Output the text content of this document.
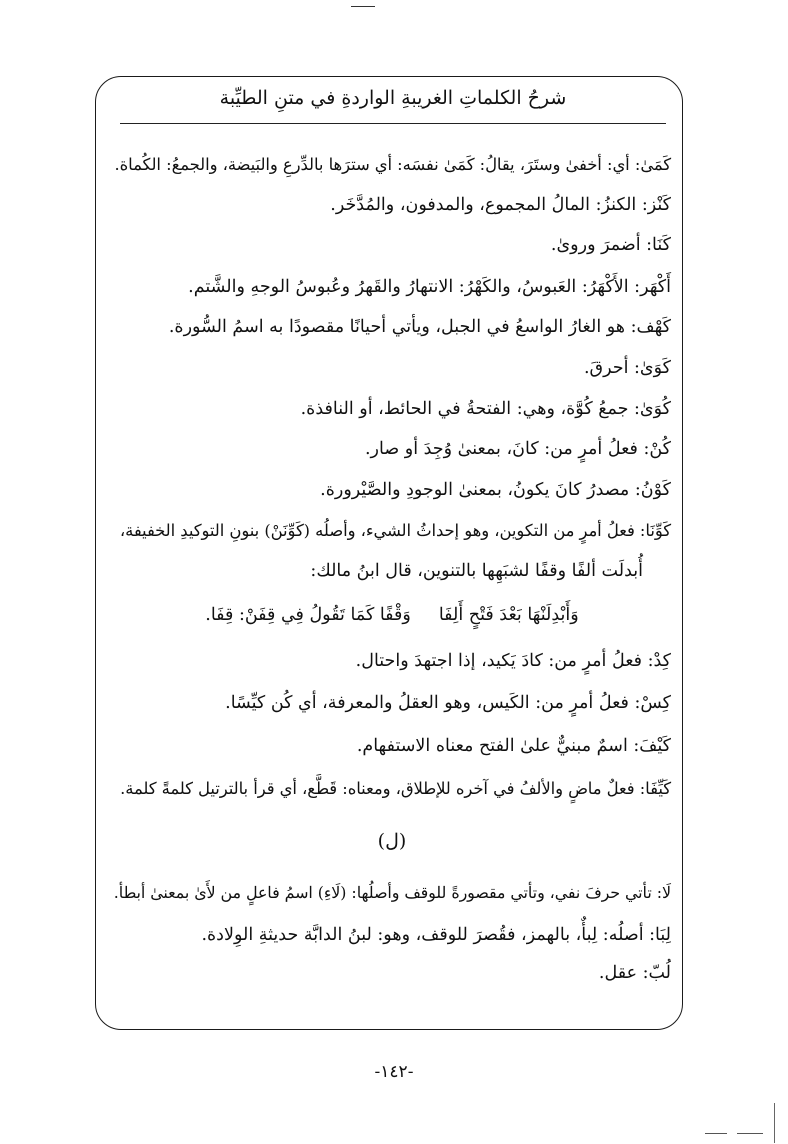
شرحُ الكلماتِ الغريبةِ الواردةِ في متنِ الطيِّبة
كَمَىٰ: أي: أخفىٰ وستَرَ، يقالُ: كَمَىٰ نفسَه: أي سترَها بالدِّرعِ والبَيضة، والجمعُ: الكُماة.
كَنْز: الكنزُ: المالُ المجموع، والمدفون، والمُدَّخَر.
كَنَا: أضمرَ وروىٰ.
أَكْهَر: الأَكْهَرُ: العَبوسُ، والكَهْرُ: الانتهارُ والقَهرُ وعُبوسُ الوجهِ والشَّتم.
كَهْف: هو الغارُ الواسعُ في الجبل، ويأتي أحيانًا مقصودًا به اسمُ السُّورة.
كَوَىٰ: أحرقَ.
كُوَىٰ: جمعُ كُوَّة، وهي: الفتحةُ في الحائط، أو النافذة.
كُنْ: فعلُ أمرٍ من: كانَ، بمعنىٰ وُجِدَ أو صار.
كَوْنُ: مصدرُ كانَ يكونُ، بمعنىٰ الوجودِ والصَّيْرورة.
كَوِّنَا: فعلُ أمرٍ من التكوين، وهو إحداثُ الشيء، وأصلُه (كَوِّنَنْ) بنونِ التوكيدِ الخفيفة،
أُبدلَت ألفًا وقفًا لشبَهِها بالتنوين، قال ابنُ مالك:
وَأَبْدِلَنْهَا بَعْدَ فَتْحٍ أَلِفَاوَقْفًا كَمَا تَقُولُ فِي قِفَنْ: قِفَا.
كِدْ: فعلُ أمرٍ من: كادَ يَكيد، إذا اجتهدَ واحتال.
كِسْ: فعلُ أمرٍ من: الكَيس، وهو العقلُ والمعرفة، أي كُن كيِّسًا.
كَيْفَ: اسمٌ مبنيٌّ علىٰ الفتح معناه الاستفهام.
كَيِّفَا: فعلٌ ماضٍ والألفُ في آخره للإطلاق، ومعناه: قَطَّع، أي قرأ بالترتيل كلمةً كلمة.
(ل)
لَا: تأتي حرفَ نفي، وتأتي مقصورةً للوقف وأصلُها: (لَاءِ) اسمُ فاعلٍ من لأَىٰ بمعنىٰ أبطأ.
لِبَا: أصلُه: لِبأٌ، بالهمز، فقُصرَ للوقف، وهو: لبنُ الدابَّة حديثةِ الوِلادة.
لُبّ: عقل.
-١٤٢-
